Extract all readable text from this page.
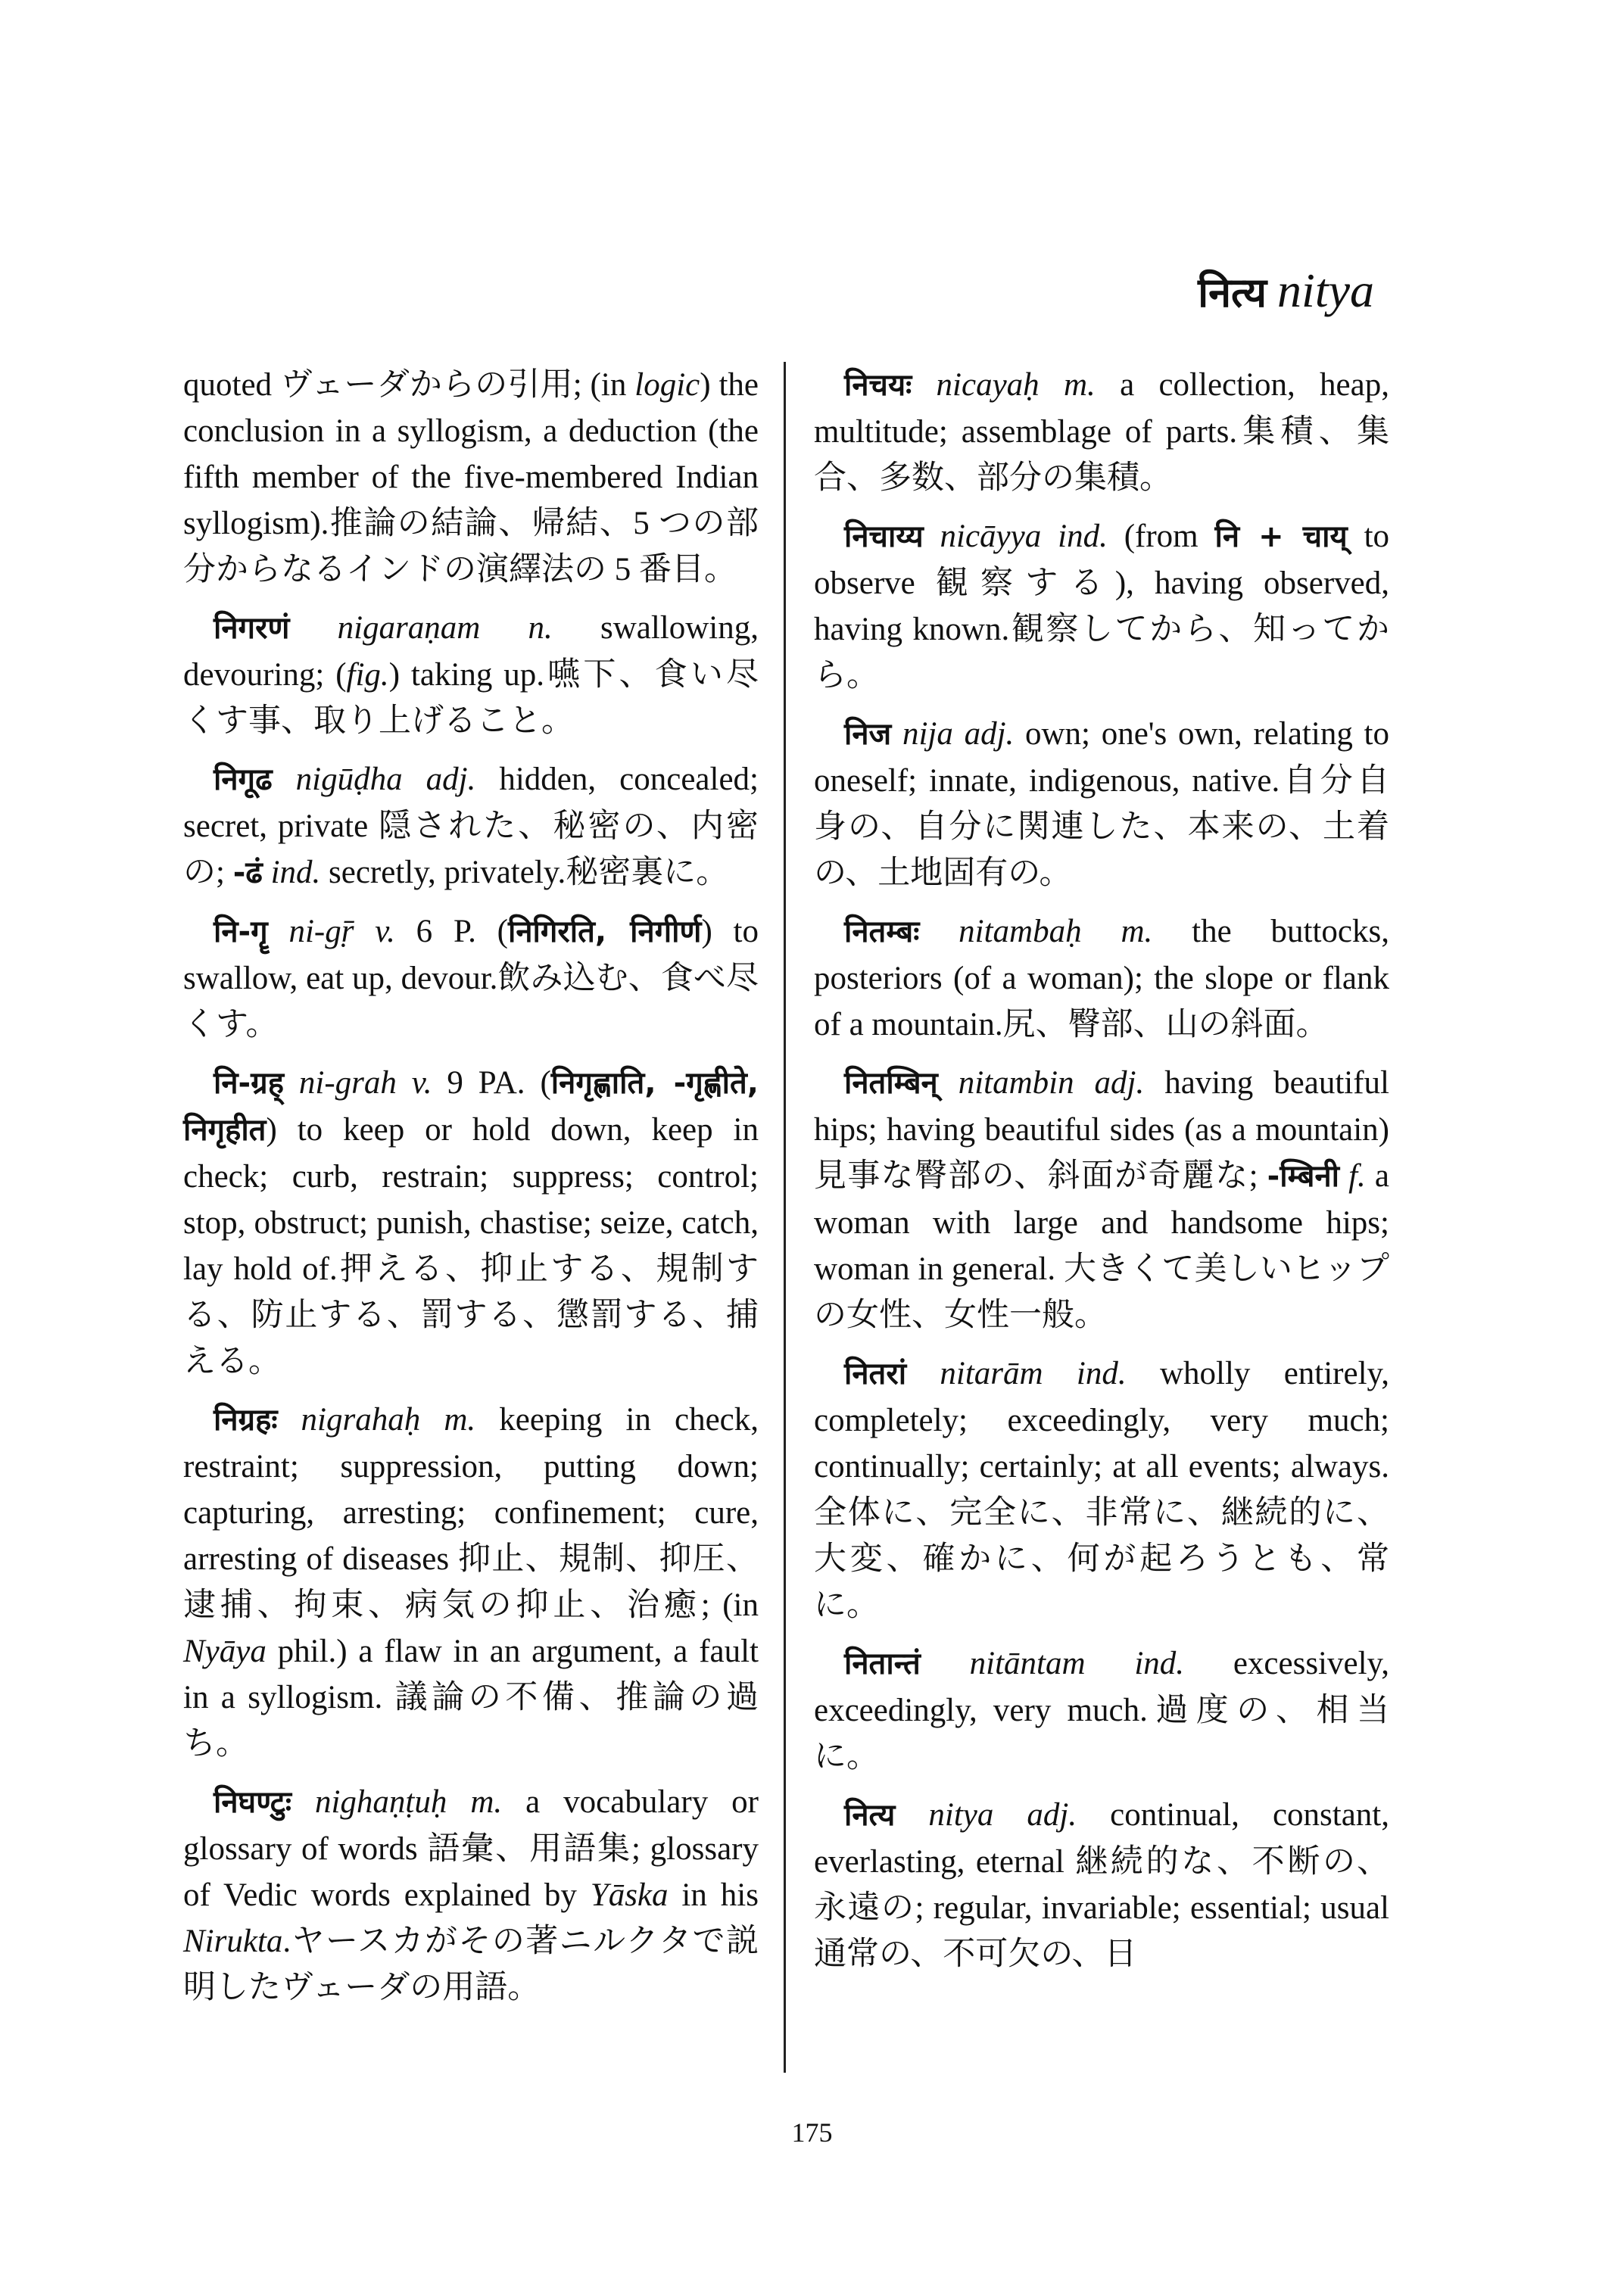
नित्य nitya

quoted ヴェーダからの引用; (in logic) the conclusion in a syllogism, a deduction (the fifth member of the five-membered Indian syllogism).推論の結論、帰結、5 つの部分からなるインドの演繹法の 5 番目。

निगरणं nigaraṇam n. swallowing, devouring; (fig.) taking up.嚥下、食い尽くす事、取り上げること。

निगूढ nigūḍha adj. hidden, concealed; secret, private 隠された、秘密の、内密の; -ढं ind. secretly, privately.秘密裏に。

नि-गॄ ni-gṝ v. 6 P. (निगिरति, निगीर्ण) to swallow, eat up, devour.飲み込む、食べ尽くす。

नि-ग्रह् ni-grah v. 9 PA. (निगृह्णाति, -गृह्णीते, निगृहीत) to keep or hold down, keep in check; curb, restrain; suppress; control; stop, obstruct; punish, chastise; seize, catch, lay hold of.押える、抑止する、規制する、防止する、罰する、懲罰する、捕える。

निग्रहः nigrahaḥ m. keeping in check, restraint; suppression, putting down; capturing, arresting; confinement; cure, arresting of diseases 抑止、規制、抑圧、逮捕、拘束、病気の抑止、治癒; (in Nyāya phil.) a flaw in an argument, a fault in a syllogism. 議論の不備、推論の過ち。

निघण्टुः nighaṇṭuḥ m. a vocabulary or glossary of words 語彙、用語集; glossary of Vedic words explained by Yāska in his Nirukta.ヤースカがその著ニルクタで説明したヴェーダの用語。

निचयः nicayaḥ m. a collection, heap, multitude; assemblage of parts.集積、集合、多数、部分の集積。

निचाय्य nicāyya ind. (from नि + चाय् to observe 観察する), having observed, having known.観察してから、知ってから。

निज nija adj. own; one's own, relating to oneself; innate, indigenous, native.自分自身の、自分に関連した、本来の、土着の、土地固有の。

नितम्बः nitambaḥ m. the buttocks, posteriors (of a woman); the slope or flank of a mountain.尻、臀部、山の斜面。

नितम्बिन् nitambin adj. having beautiful hips; having beautiful sides (as a mountain)見事な臀部の、斜面が奇麗な; -म्बिनी f. a woman with large and handsome hips; woman in general. 大きくて美しいヒップの女性、女性一般。

नितरां nitarām ind. wholly entirely, completely; exceedingly, very much; continually; certainly; at all events; always.全体に、完全に、非常に、継続的に、大変、確かに、何が起ろうとも、常に。

नितान्तं nitāntam ind. excessively, exceedingly, very much.過度の、相当に。

नित्य nitya adj. continual, constant, everlasting, eternal 継続的な、不断の、永遠の; regular, invariable; essential; usual通常の、不可欠の、日

175
